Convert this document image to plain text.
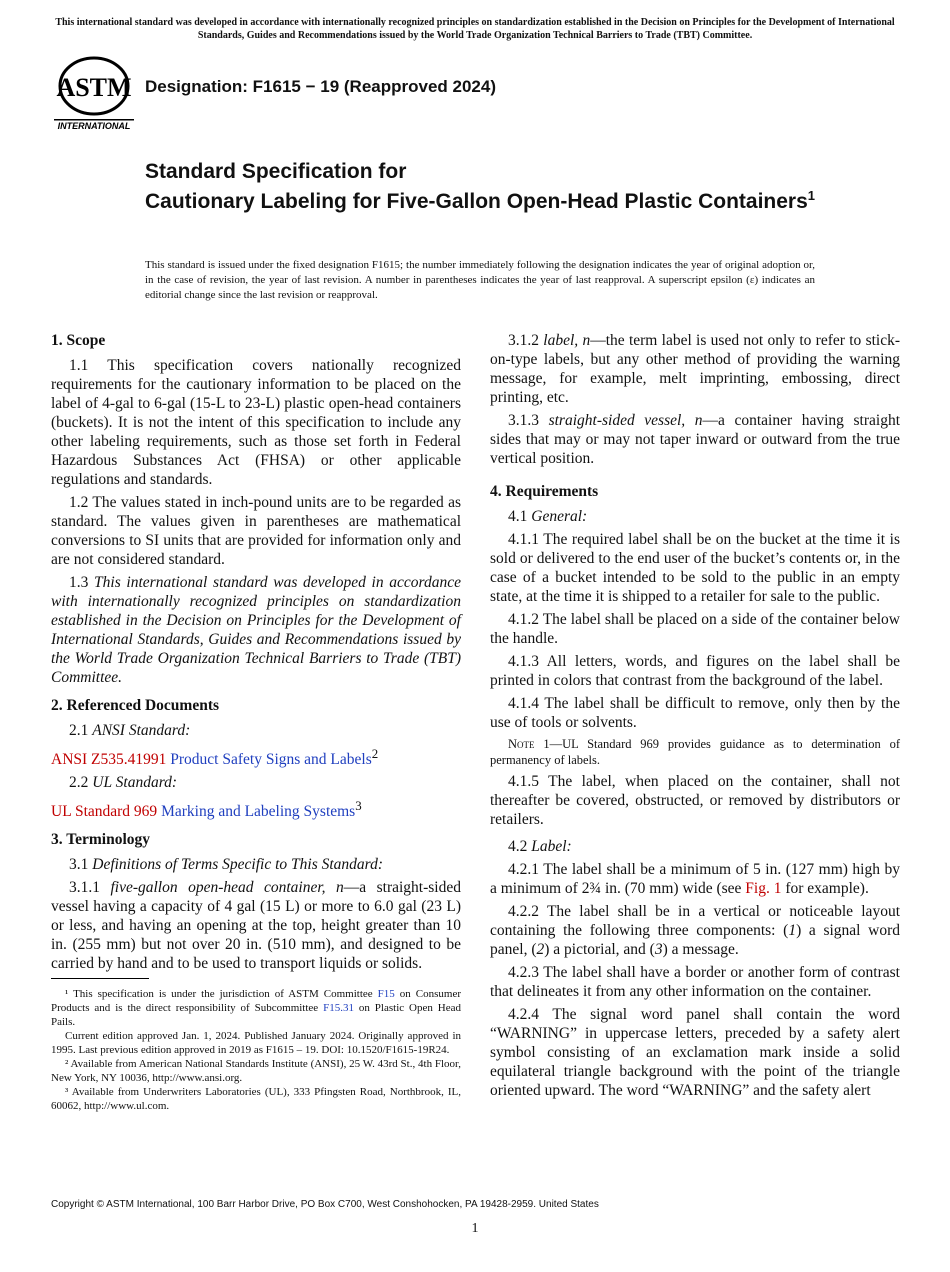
This international standard was developed in accordance with internationally recognized principles on standardization established in the Decision on Principles for the Development of International Standards, Guides and Recommendations issued by the World Trade Organization Technical Barriers to Trade (TBT) Committee.
ASTM
INTERNATIONAL
Designation: F1615 − 19 (Reapproved 2024)
Standard Specification for
Cautionary Labeling for Five-Gallon Open-Head Plastic Containers$^1$
This standard is issued under the fixed designation F1615; the number immediately following the designation indicates the year of original adoption or, in the case of revision, the year of last revision. A number in parentheses indicates the year of last reapproval. A superscript epsilon (ε) indicates an editorial change since the last revision or reapproval.
1. Scope

1.1 This specification covers nationally recognized requirements for the cautionary information to be placed on the label of 4-gal to 6-gal (15-L to 23-L) plastic open-head containers (buckets). It is not the intent of this specification to include any other labeling requirements, such as those set forth in Federal Hazardous Substances Act (FHSA) or other applicable regulations and standards.

1.2 The values stated in inch-pound units are to be regarded as standard. The values given in parentheses are mathematical conversions to SI units that are provided for information only and are not considered standard.

1.3 This international standard was developed in accordance with internationally recognized principles on standardization established in the Decision on Principles for the Development of International Standards, Guides and Recommendations issued by the World Trade Organization Technical Barriers to Trade (TBT) Committee.

2. Referenced Documents

2.1 ANSI Standard:

ANSI Z535.41991 Product Safety Signs and Labels$^2$

2.2 UL Standard:

UL Standard 969 Marking and Labeling Systems$^3$

3. Terminology

3.1 Definitions of Terms Specific to This Standard:

3.1.1 five-gallon open-head container, n—a straight-sided vessel having a capacity of 4 gal (15 L) or more to 6.0 gal (23 L) or less, and having an opening at the top, height greater than 10 in. (255 mm) but not over 20 in. (510 mm), and designed to be carried by hand and to be used to transport liquids or solids.

3.1.2 label, n—the term label is used not only to refer to stick-on-type labels, but any other method of providing the warning message, for example, melt imprinting, embossing, direct printing, etc.

3.1.3 straight-sided vessel, n—a container having straight sides that may or may not taper inward or outward from the true vertical position.

4. Requirements

4.1 General:

4.1.1 The required label shall be on the bucket at the time it is sold or delivered to the end user of the bucket’s contents or, in the case of a bucket intended to be sold to the public in an empty state, at the time it is shipped to a retailer for sale to the public.

4.1.2 The label shall be placed on a side of the container below the handle.

4.1.3 All letters, words, and figures on the label shall be printed in colors that contrast from the background of the label.

4.1.4 The label shall be difficult to remove, only then by the use of tools or solvents.

Note 1—UL Standard 969 provides guidance as to determination of permanency of labels.

4.1.5 The label, when placed on the container, shall not thereafter be covered, obstructed, or removed by distributors or retailers.

4.2 Label:

4.2.1 The label shall be a minimum of 5 in. (127 mm) high by a minimum of 2¾ in. (70 mm) wide (see Fig. 1 for example).

4.2.2 The label shall be in a vertical or noticeable layout containing the following three components: (1) a signal word panel, (2) a pictorial, and (3) a message.

4.2.3 The label shall have a border or another form of contrast that delineates it from any other information on the container.

4.2.4 The signal word panel shall contain the word “WARNING” in uppercase letters, preceded by a safety alert symbol consisting of an exclamation mark inside a solid equilateral triangle background with the point of the triangle oriented upward. The word “WARNING” and the safety alert

¹ This specification is under the jurisdiction of ASTM Committee F15 on Consumer Products and is the direct responsibility of Subcommittee F15.31 on Plastic Open Head Pails.

Current edition approved Jan. 1, 2024. Published January 2024. Originally approved in 1995. Last previous edition approved in 2019 as F1615 – 19. DOI: 10.1520/F1615-19R24.

² Available from American National Standards Institute (ANSI), 25 W. 43rd St., 4th Floor, New York, NY 10036, http://www.ansi.org.

³ Available from Underwriters Laboratories (UL), 333 Pfingsten Road, Northbrook, IL, 60062, http://www.ul.com.

Copyright © ASTM International, 100 Barr Harbor Drive, PO Box C700, West Conshohocken, PA 19428-2959. United States
1
